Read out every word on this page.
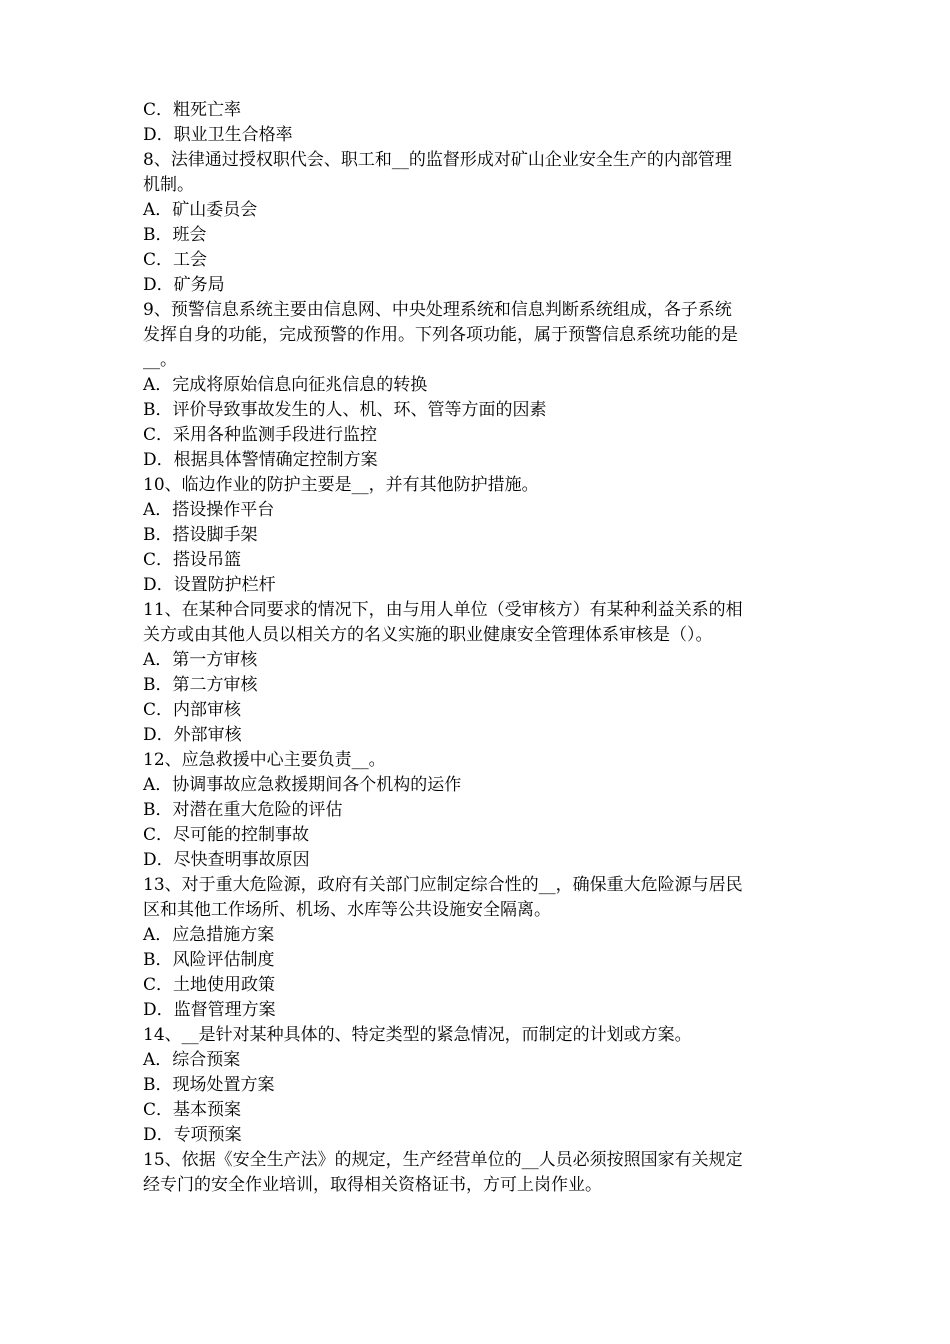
C．粗死亡率
D．职业卫生合格率
8、法律通过授权职代会、职工和__的监督形成对矿山企业安全生产的内部管理
机制。
A．矿山委员会
B．班会
C．工会
D．矿务局
9、预警信息系统主要由信息网、中央处理系统和信息判断系统组成，各子系统
发挥自身的功能，完成预警的作用。下列各项功能，属于预警信息系统功能的是
__。
A．完成将原始信息向征兆信息的转换
B．评价导致事故发生的人、机、环、管等方面的因素
C．采用各种监测手段进行监控
D．根据具体警情确定控制方案
10、临边作业的防护主要是__，并有其他防护措施。
A．搭设操作平台
B．搭设脚手架
C．搭设吊篮
D．设置防护栏杆
11、在某种合同要求的情况下，由与用人单位（受审核方）有某种利益关系的相
关方或由其他人员以相关方的名义实施的职业健康安全管理体系审核是（）。
A．第一方审核
B．第二方审核
C．内部审核
D．外部审核
12、应急救援中心主要负责__。
A．协调事故应急救援期间各个机构的运作
B．对潜在重大危险的评估
C．尽可能的控制事故
D．尽快查明事故原因
13、对于重大危险源，政府有关部门应制定综合性的__，确保重大危险源与居民
区和其他工作场所、机场、水库等公共设施安全隔离。
A．应急措施方案
B．风险评估制度
C．土地使用政策
D．监督管理方案
14、__是针对某种具体的、特定类型的紧急情况，而制定的计划或方案。
A．综合预案
B．现场处置方案
C．基本预案
D．专项预案
15、依据《安全生产法》的规定，生产经营单位的__人员必须按照国家有关规定
经专门的安全作业培训，取得相关资格证书，方可上岗作业。
